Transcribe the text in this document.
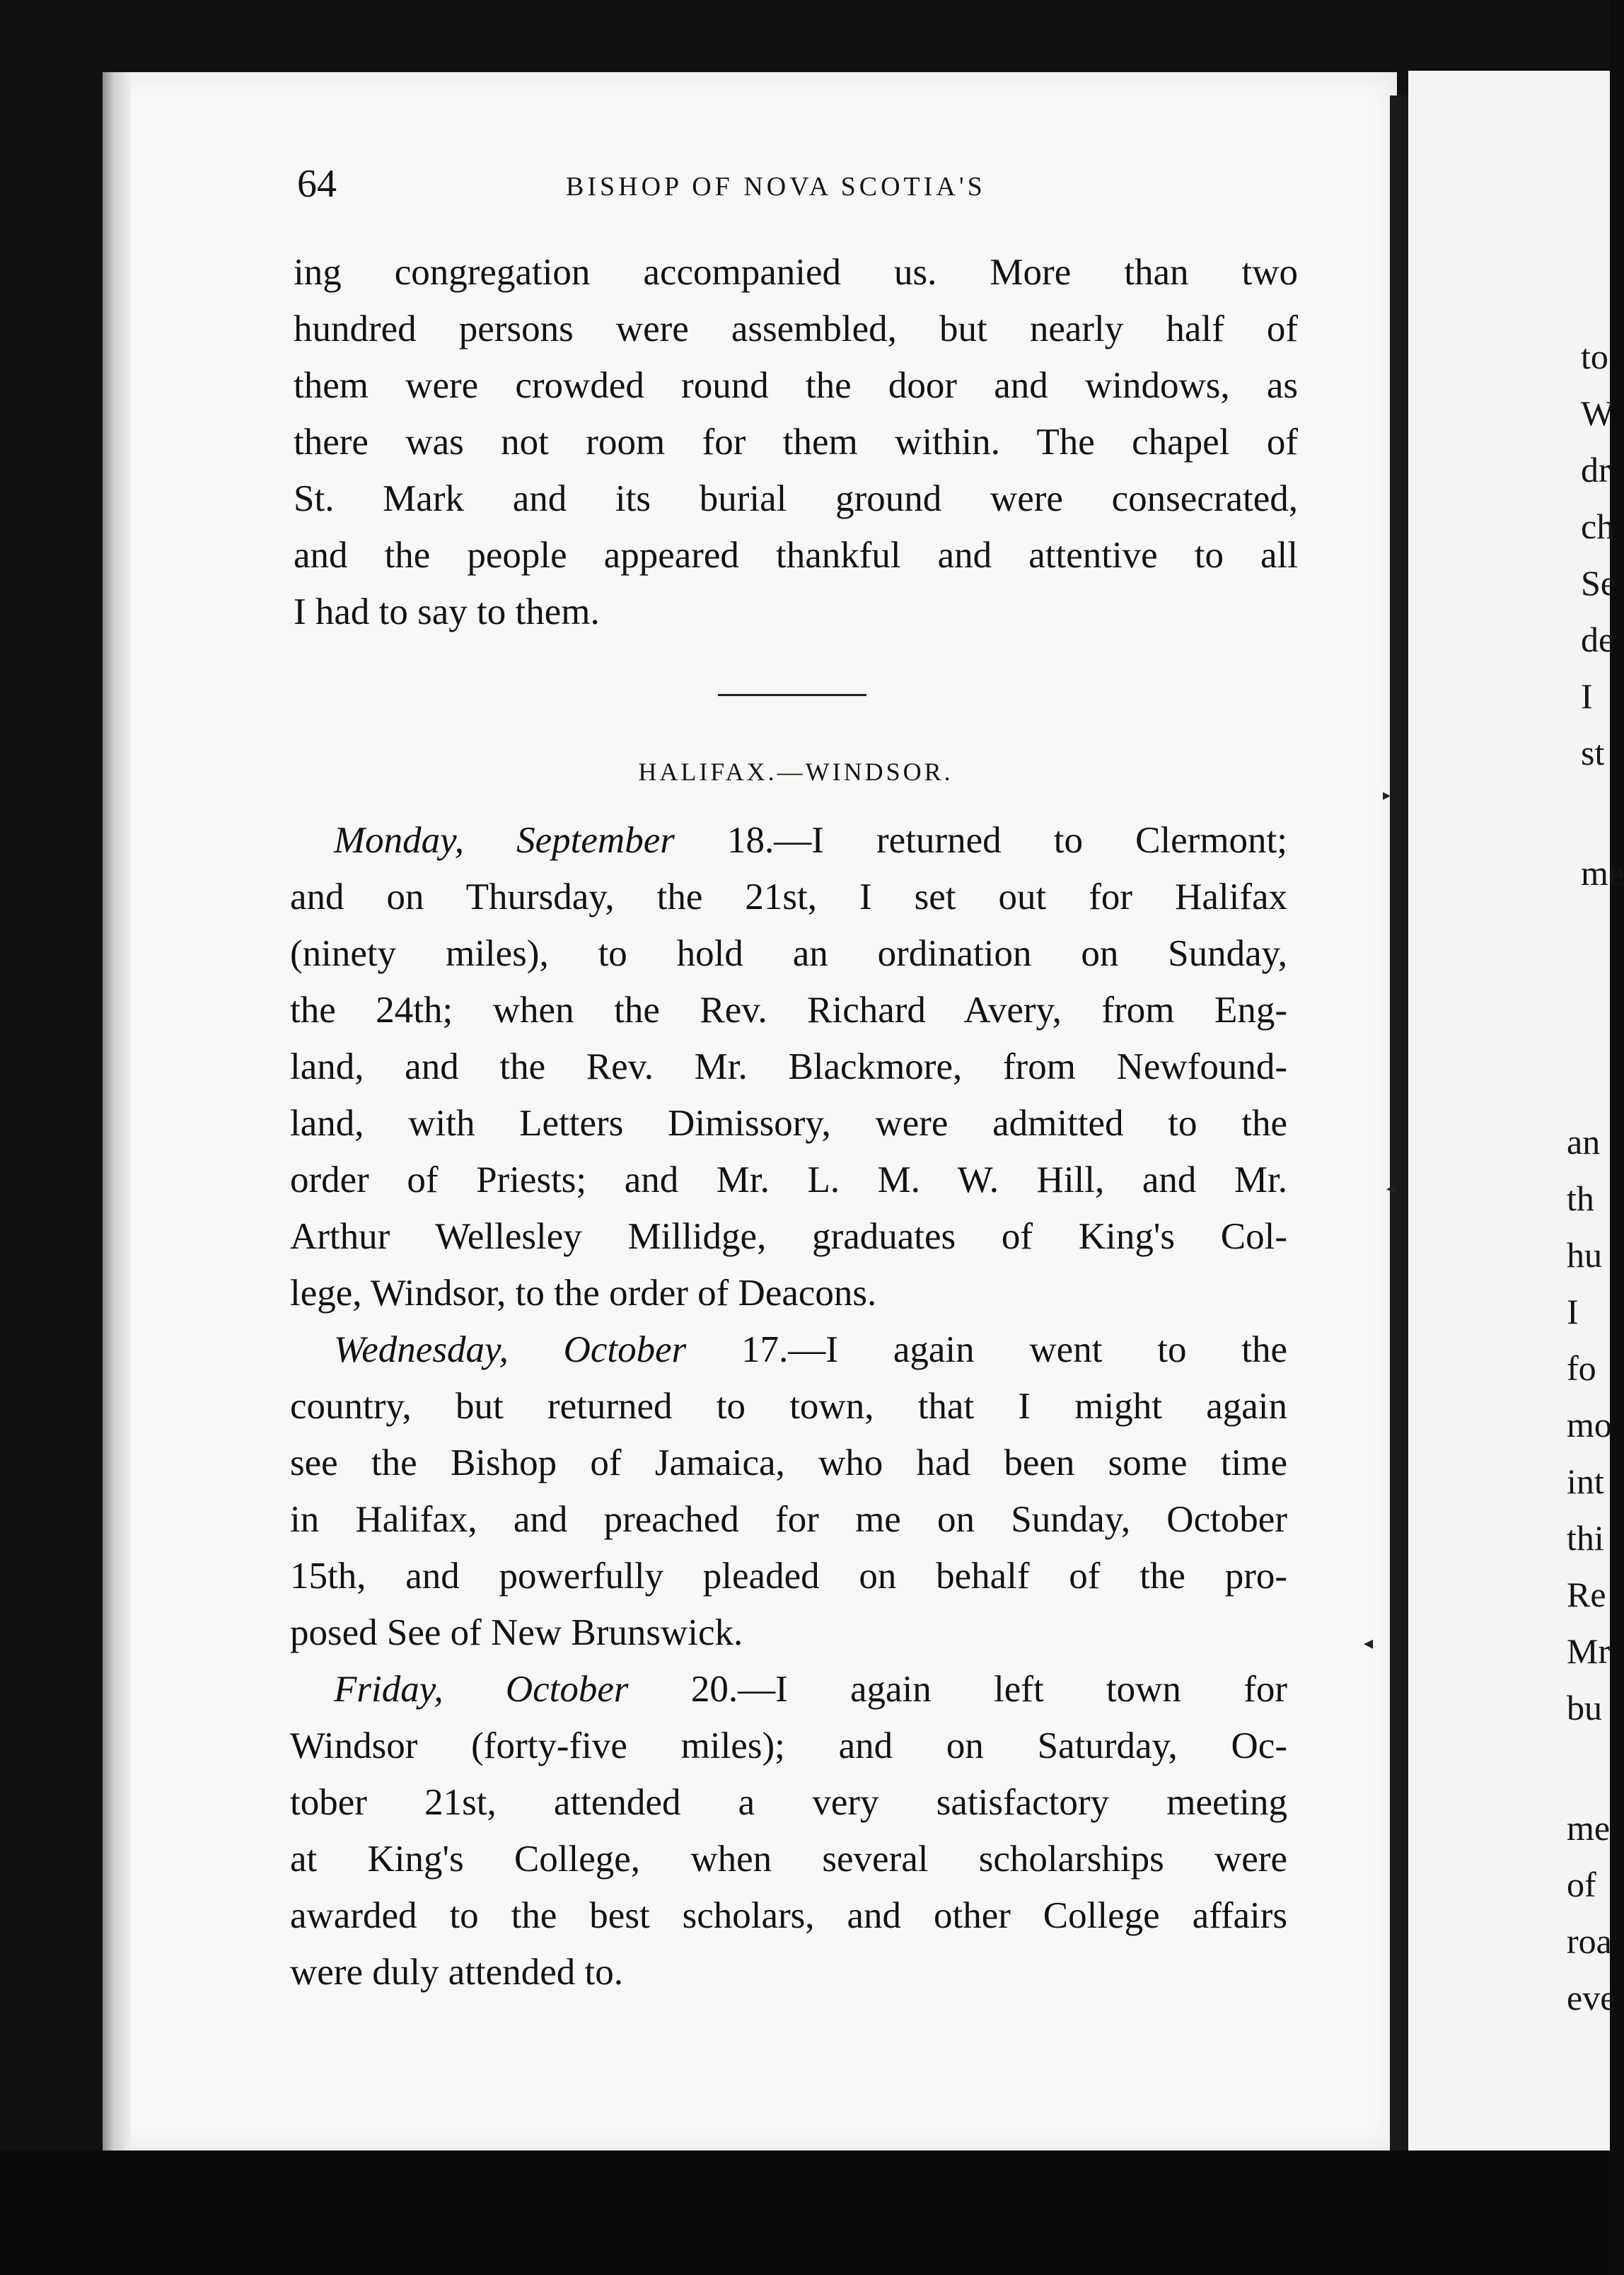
64	BISHOP OF NOVA SCOTIA'S
ing congregation accompanied us. More than two
hundred persons were assembled, but nearly half of
them were crowded round the door and windows, as
there was not room for them within. The chapel of
St. Mark and its burial ground were consecrated,
and the people appeared thankful and attentive to all
I had to say to them.
HALIFAX.—WINDSOR.
Monday, September 18.—I returned to Clermont;
and on Thursday, the 21st, I set out for Halifax
(ninety miles), to hold an ordination on Sunday,
the 24th; when the Rev. Richard Avery, from Eng-
land, and the Rev. Mr. Blackmore, from Newfound-
land, with Letters Dimissory, were admitted to the
order of Priests; and Mr. L. M. W. Hill, and Mr.
Arthur Wellesley Millidge, graduates of King's Col-
lege, Windsor, to the order of Deacons.
Wednesday, October 17.—I again went to the
country, but returned to town, that I might again
see the Bishop of Jamaica, who had been some time
in Halifax, and preached for me on Sunday, October
15th, and powerfully pleaded on behalf of the pro-
posed See of New Brunswick.
Friday, October 20.—I again left town for
Windsor (forty-five miles); and on Saturday, Oc-
tober 21st, attended a very satisfactory meeting
at King's College, when several scholarships were
awarded to the best scholars, and other College affairs
were duly attended to.
to
W
dr
ch
Se
de
I
st
me
an
th
hu
I
fo
mo
int
thi
Re
Mr
bu
me
of
roa
eve
▸
◂
◂
